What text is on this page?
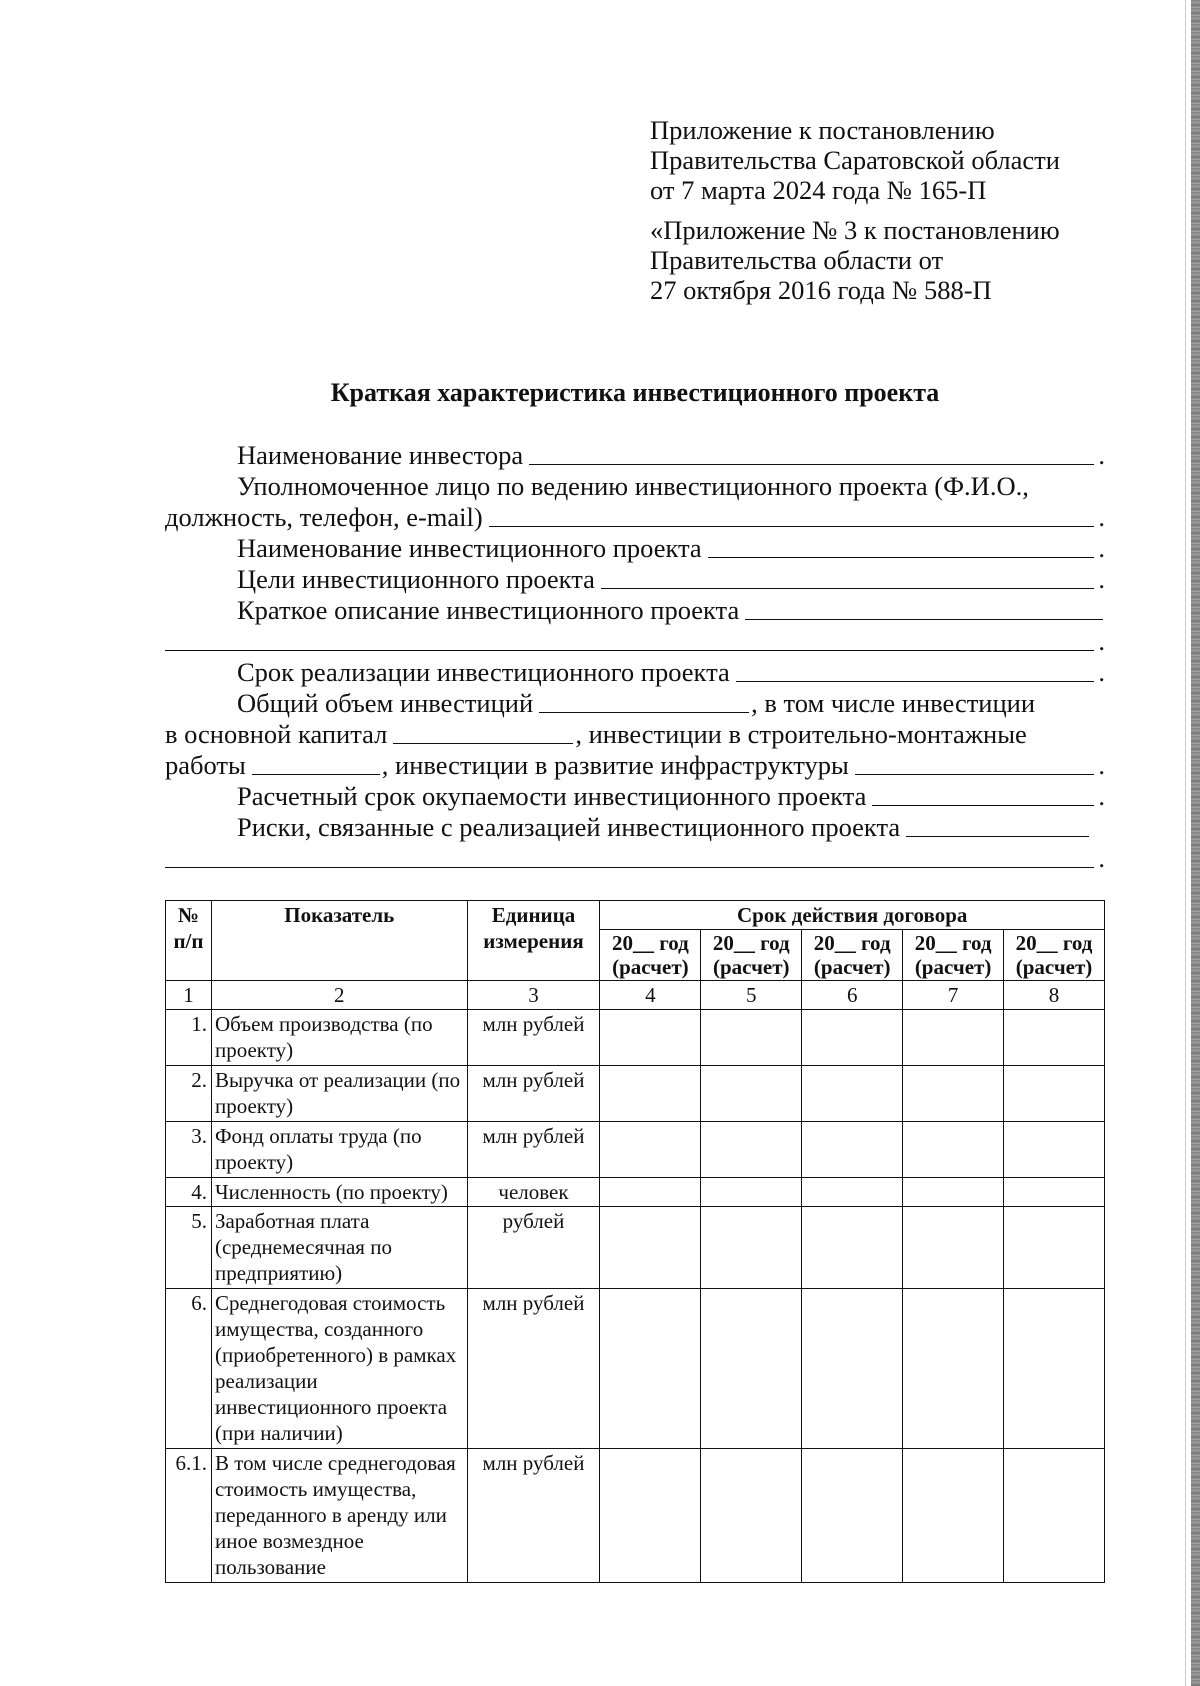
Приложение к постановлению
Правительства Саратовской области
от 7 марта 2024 года № 165-П

«Приложение № 3 к постановлению
Правительства области от
27 октября 2016 года № 588-П

Краткая характеристика инвестиционного проекта
Наименование инвестора	.
Уполномоченное лицо по ведению инвестиционного проекта (Ф.И.О.,
должность, телефон, e-mail)	.
Наименование инвестиционного проекта	.
Цели инвестиционного проекта	.
Краткое описание инвестиционного проекта
.
Срок реализации инвестиционного проекта	.
Общий объем инвестиций	, в том числе инвестиции
в основной капитал	, инвестиции в строительно-монтажные
работы	, инвестиции в развитие инфраструктуры	.
Расчетный срок окупаемости инвестиционного проекта	.
Риски, связанные с реализацией инвестиционного проекта
.
№ п/п	Показатель	Единица измерения	Срок действия договора				
			20__ год (расчет)	20__ год (расчет)	20__ год (расчет)	20__ год (расчет)	20__ год (расчет)
1	2	3	4	5	6	7	8
1.	Объем производства (по проекту)	млн рублей					
2.	Выручка от реализации (по проекту)	млн рублей					
3.	Фонд оплаты труда (по проекту)	млн рублей					
4.	Численность (по проекту)	человек					
5.	Заработная плата (среднемесячная по предприятию)	рублей					
6.	Среднегодовая стоимость имущества, созданного (приобретенного) в рамках реализации инвестиционного проекта (при наличии)	млн рублей					
6.1.	В том числе среднегодовая стоимость имущества, переданного в аренду или иное возмездное пользование	млн рублей					
